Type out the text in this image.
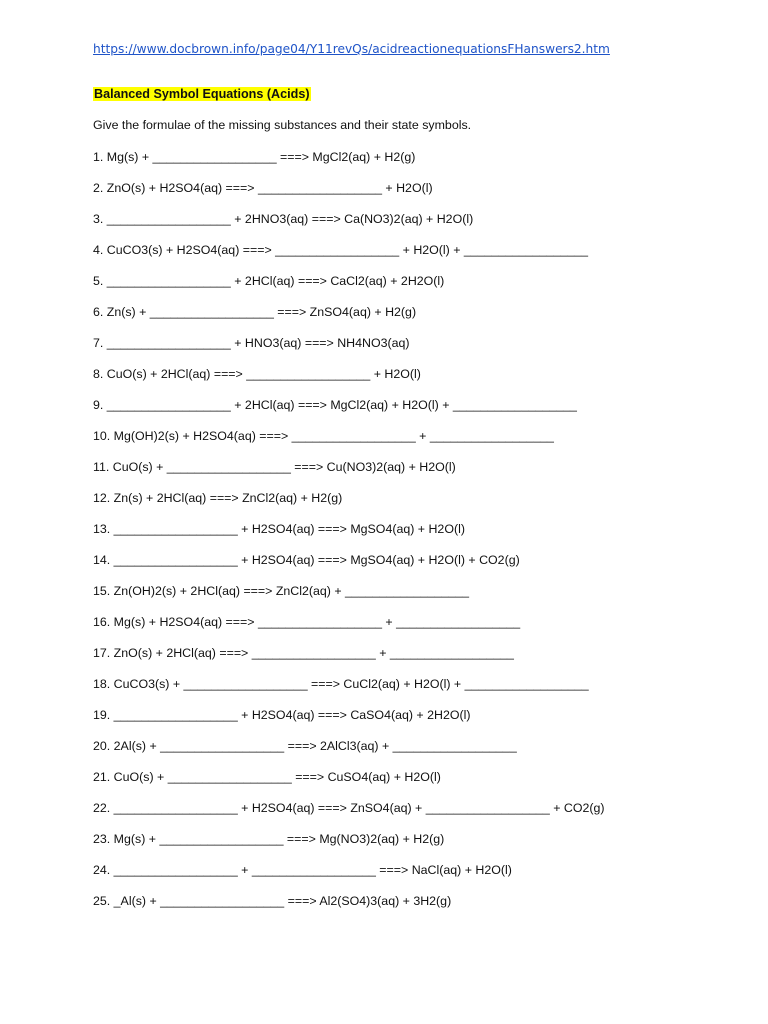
https://www.docbrown.info/page04/Y11revQs/acidreactionequationsFHanswers2.htm
Balanced Symbol Equations (Acids)
Give the formulae of the missing substances and their state symbols.
1. Mg(s) + __________________ ===> MgCl2(aq) + H2(g)
2. ZnO(s) + H2SO4(aq) ===> __________________ + H2O(l)
3. __________________ + 2HNO3(aq) ===> Ca(NO3)2(aq) + H2O(l)
4. CuCO3(s) + H2SO4(aq) ===> __________________ + H2O(l) + __________________
5. __________________ + 2HCl(aq) ===> CaCl2(aq) + 2H2O(l)
6. Zn(s) + __________________ ===> ZnSO4(aq) + H2(g)
7. __________________ + HNO3(aq) ===> NH4NO3(aq)
8. CuO(s) + 2HCl(aq) ===> __________________ + H2O(l)
9. __________________ + 2HCl(aq) ===> MgCl2(aq) + H2O(l) + __________________
10. Mg(OH)2(s) + H2SO4(aq) ===> __________________ + __________________
11. CuO(s) + __________________ ===> Cu(NO3)2(aq) + H2O(l)
12. Zn(s) + 2HCl(aq) ===> ZnCl2(aq) + H2(g)
13. __________________ + H2SO4(aq) ===> MgSO4(aq) + H2O(l)
14. __________________ + H2SO4(aq) ===> MgSO4(aq) + H2O(l) + CO2(g)
15. Zn(OH)2(s) + 2HCl(aq) ===> ZnCl2(aq) + __________________
16. Mg(s) + H2SO4(aq) ===> __________________ + __________________
17. ZnO(s) + 2HCl(aq) ===> __________________ + __________________
18. CuCO3(s) + __________________ ===> CuCl2(aq) + H2O(l) + __________________
19. __________________ + H2SO4(aq) ===> CaSO4(aq) + 2H2O(l)
20. 2Al(s) + __________________ ===> 2AlCl3(aq) + __________________
21. CuO(s) + __________________ ===> CuSO4(aq) + H2O(l)
22. __________________ + H2SO4(aq) ===> ZnSO4(aq) + __________________ + CO2(g)
23. Mg(s) + __________________ ===> Mg(NO3)2(aq) + H2(g)
24. __________________ + __________________ ===> NaCl(aq) + H2O(l)
25. _Al(s) + __________________ ===> Al2(SO4)3(aq) + 3H2(g)
